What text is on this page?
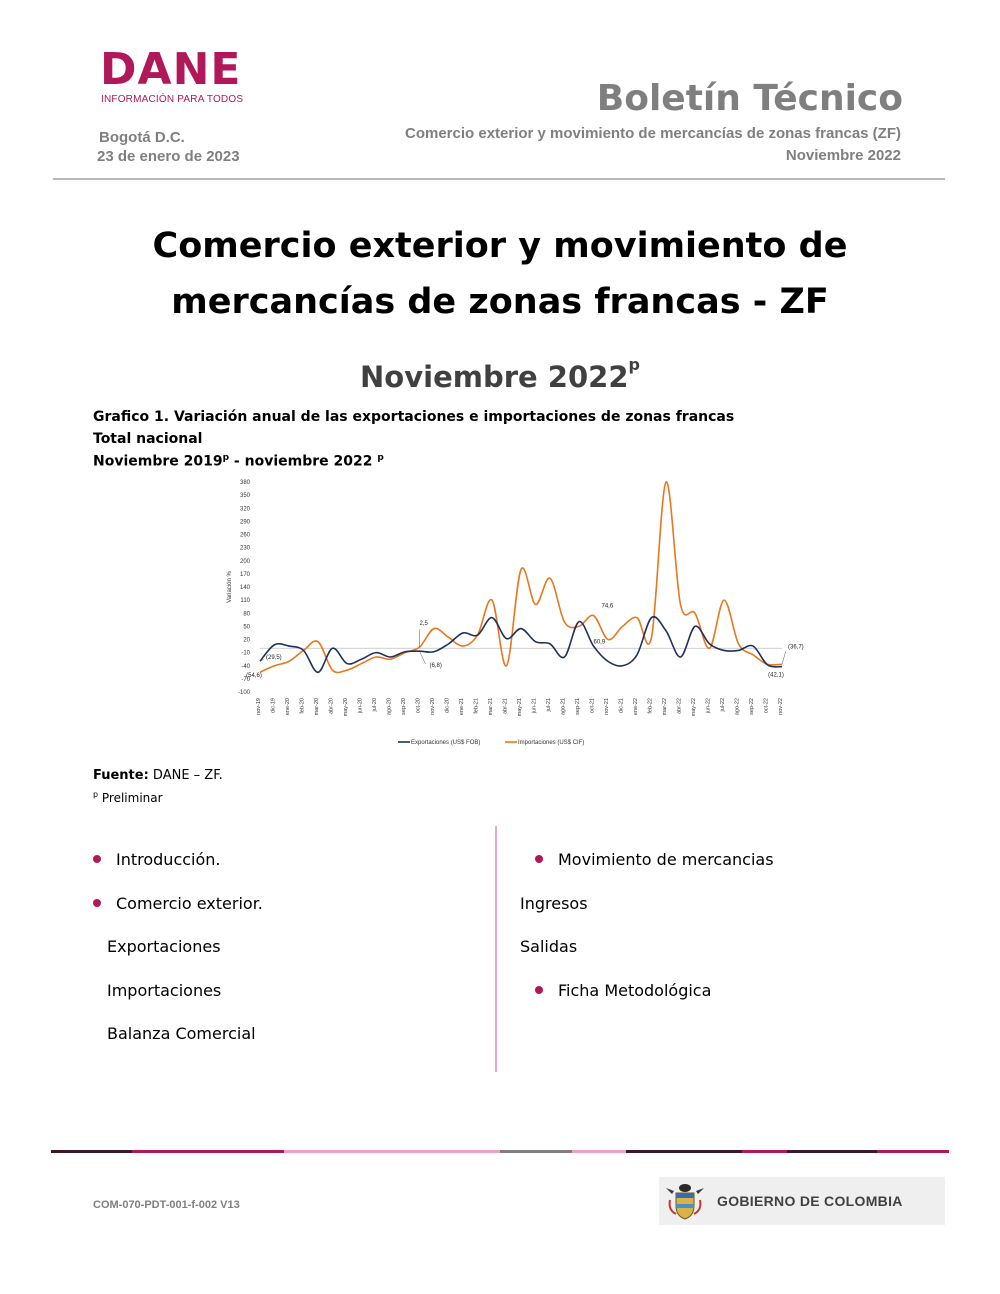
DANE
INFORMACIÓN PARA TODOS
Bogotá D.C.
23 de enero de 2023
Boletín Técnico
Comercio exterior y movimiento de mercancías de zonas francas (ZF)
Noviembre 2022
Comercio exterior y movimiento de
mercancías de zonas francas - ZF
Noviembre 2022$^p$
Grafico 1. Variación anual de las exportaciones e importaciones de zonas francas
Total nacional
Noviembre 2019$^p$ - noviembre 2022 $^p$
380
350
320
290
260
230
200
170
140
110
80
50
20
-10
-40
-70
-100
Variación %
nov-19 dic-19 ene-20 feb-20 mar-20 abr-20 may-20 jun-20 jul-20 ago-20 sep-20 oct-20 nov-20 dic-20 ene-21 feb-21 mar-21 abr-21 may-21 jun-21 jul-21 ago-21 sep-21 oct-21 nov-21 dic-21 ene-22 feb-22 mar-22 abr-22 may-22 jun-22 jul-22 ago-22 sep-22 oct-22 nov-22
(29,5)
(54,6)
2,5
(6,8)
74,6
60,9
(36,7)
(42,1)
Exportaciones (US$ FOB)	Importaciones (US$ CIF)
Fuente: DANE – ZF.
$^p$ Preliminar
Introducción.
Comercio exterior.
Exportaciones
Importaciones
Balanza Comercial
Movimiento de mercancias
Ingresos
Salidas
Ficha Metodológica
COM-070-PDT-001-f-002 V13	GOBIERNO DE COLOMBIA
